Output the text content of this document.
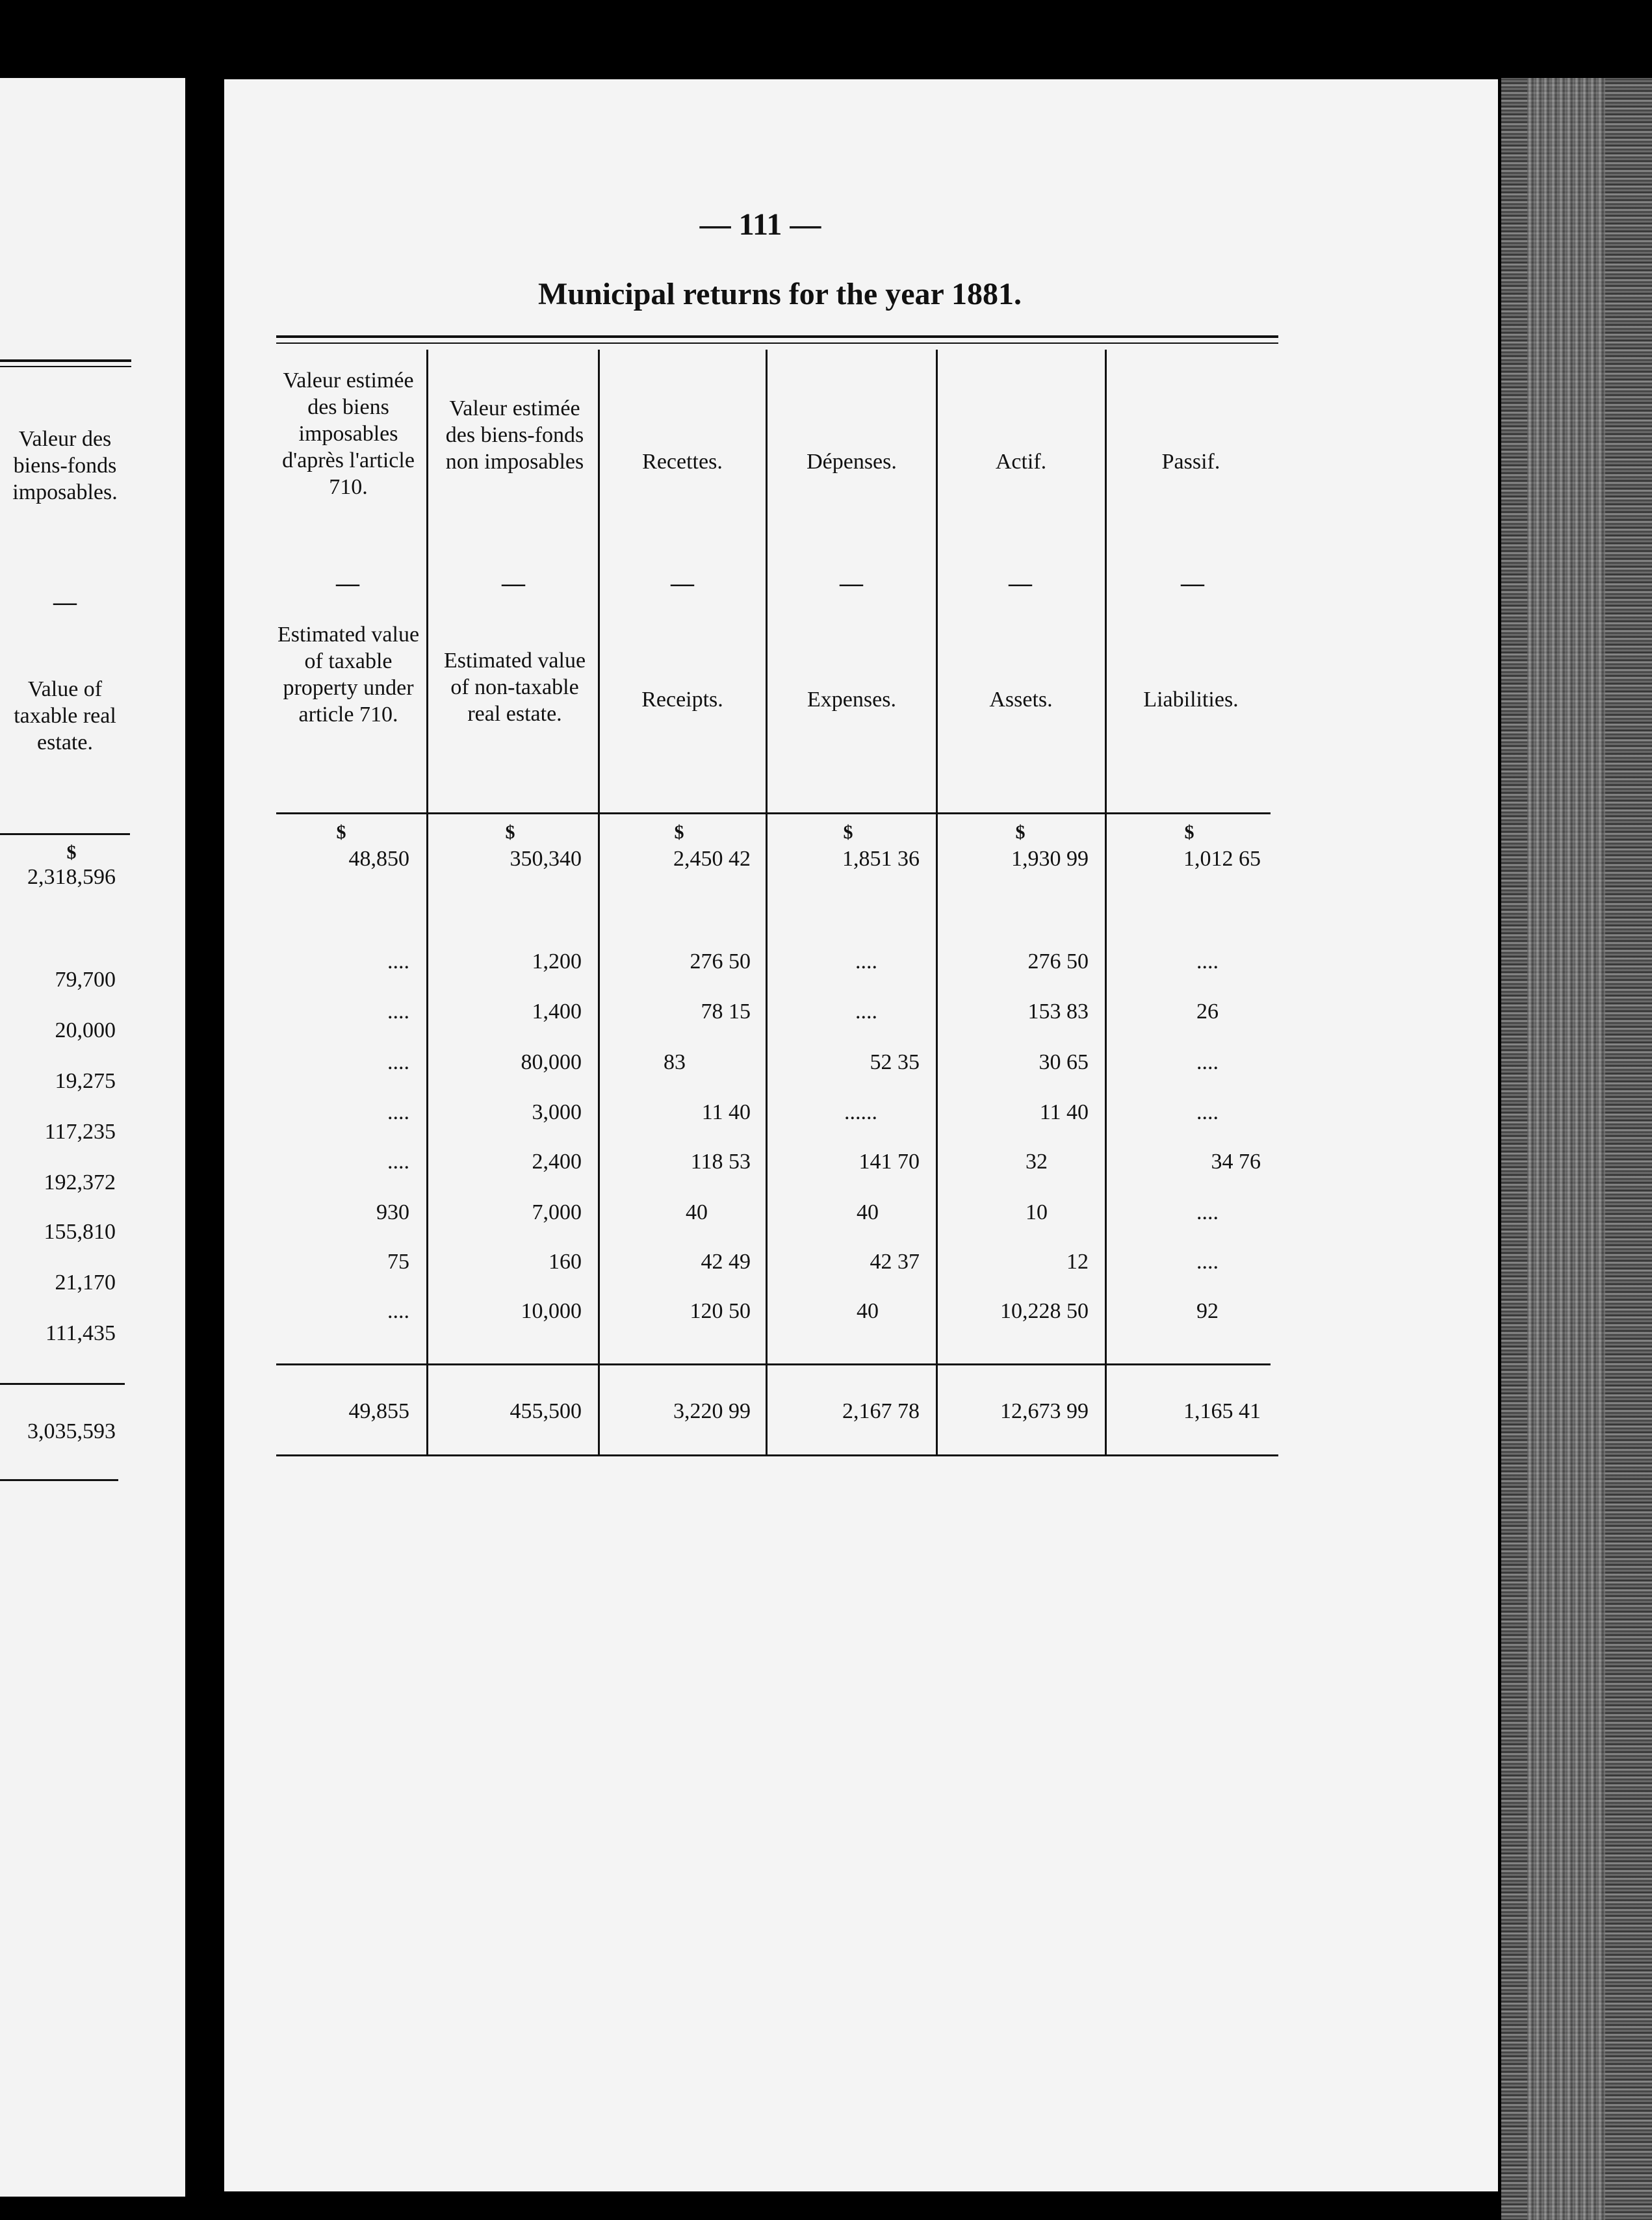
— 111 —
Municipal returns for the year 1881.
Valeur des biens-fonds imposables.
—
Value of taxable real estate.
$
2,318,596
79,700
20,000
19,275
117,235
192,372
155,810
21,170
111,435
3,035,593
Valeur estimée des biens imposables d'après l'article 710.
Valeur estimée des biens-fonds non imposables	Recettes.	Dépenses.	Actif.	Passif.
—	—	—	—	—	—
Estimated value of taxable property under article 710.
Estimated value of non-taxable real estate.
Receipts.	Expenses.	Assets.	Liabilities.
$	$	$	$	$	$
48,850	350,340	2,450 42	1,851 36	1,930 99	1,012 65
....	1,200	276 50	....	276 50	....
....	1,400	78 15	....	153 83	26
....	80,000	83	52 35	30 65	....
....	3,000	11 40	......	11 40	....
....	2,400	118 53	141 70	32	34 76
930	7,000	40	40	10	....
75	160	42 49	42 37	12	....
....	10,000	120 50	40	10,228 50	92
49,855	455,500	3,220 99	2,167 78	12,673 99	1,165 41
